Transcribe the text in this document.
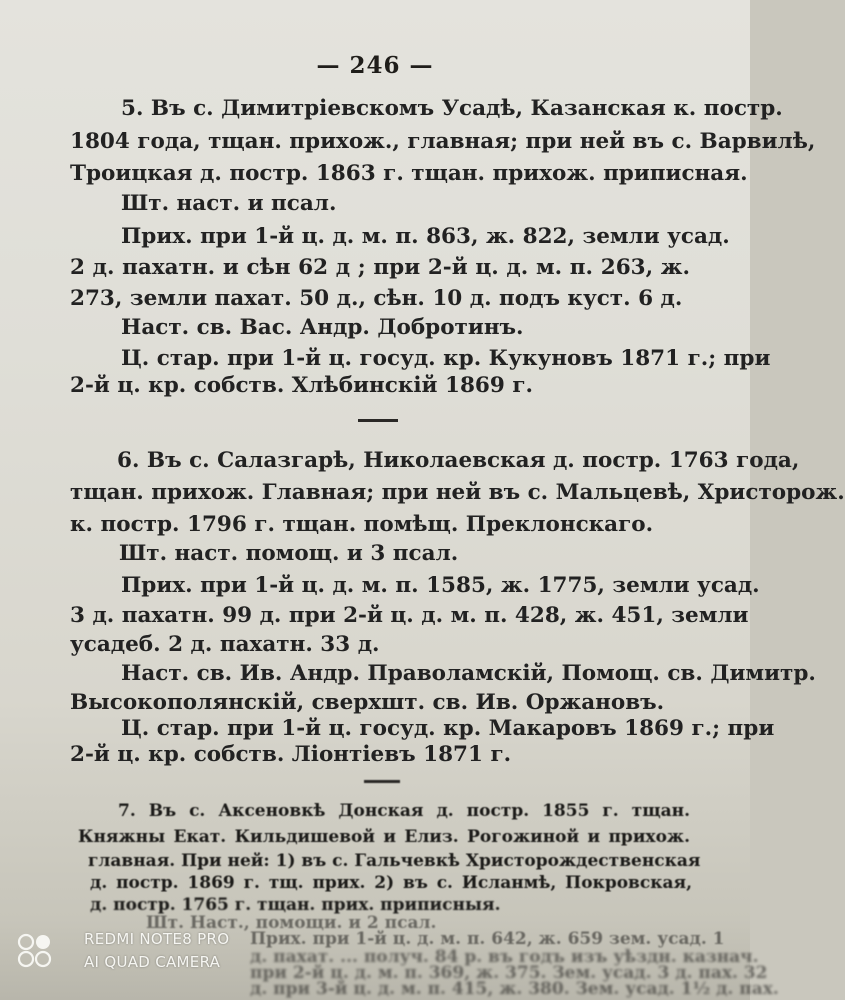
— 246 —
5. Въ с. Димитріевскомъ Усадѣ, Казанская к. постр.
1804 года, тщан. прихож., главная; при ней въ с. Варвилѣ,
Троицкая д. постр. 1863 г. тщан. прихож. приписная.
Шт. наст. и псал.
Прих. при 1-й ц. д. м. п. 863, ж. 822, земли усад.
2 д. пахатн. и сѣн 62 д ; при 2-й ц. д. м. п. 263, ж.
273, земли пахат. 50 д., сѣн. 10 д. подъ куст. 6 д.
Наст. св. Вас. Андр. Добротинъ.
Ц. стар. при 1-й ц. госуд. кр. Кукуновъ 1871 г.; при
2-й ц. кр. собств. Хлѣбинскій 1869 г.
6. Въ с. Салазгарѣ, Николаевская д. постр. 1763 года,
тщан. прихож. Главная; при ней въ с. Мальцевѣ, Христорож.
к. постр. 1796 г. тщан. помѣщ. Преклонскаго.
Шт. наст. помощ. и 3 псал.
Прих. при 1-й ц. д. м. п. 1585, ж. 1775, земли усад.
3 д. пахатн. 99 д. при 2-й ц. д. м. п. 428, ж. 451, земли
усадеб. 2 д. пахатн. 33 д.
Наст. св. Ив. Андр. Праволамскій, Помощ. св. Димитр.
Высокополянскій, сверхшт. св. Ив. Оржановъ.
Ц. стар. при 1-й ц. госуд. кр. Макаровъ 1869 г.; при
2-й ц. кр. собств. Ліонтіевъ 1871 г.
7. Въ с. Аксеновкѣ Донская д. постр. 1855 г. тщан.
Княжны Екат. Кильдишевой и Елиз. Рогожиной и прихож.
главная. При ней: 1) въ с. Гальчевкѣ Христорождественская
д. постр. 1869 г. тщ. прих. 2) въ с. Исланмѣ, Покровская,
д. постр. 1765 г. тщан. прих. приписныя.
Шт. Наст., помощи. и 2 псал.
Прих. при 1-й ц. д. м. п. 642, ж. 659 зем. усад. 1
д. пахат. ... получ. 84 р. въ годъ изъ уѣздн. казнач.
при 2-й ц. д. м. п. 369, ж. 375. Зем. усад. 3 д. пах. 32
д. при 3-й ц. д. м. п. 415, ж. 380. Зем. усад. 1½ д. пах.
REDMI NOTE8 PRO
AI QUAD CAMERA
